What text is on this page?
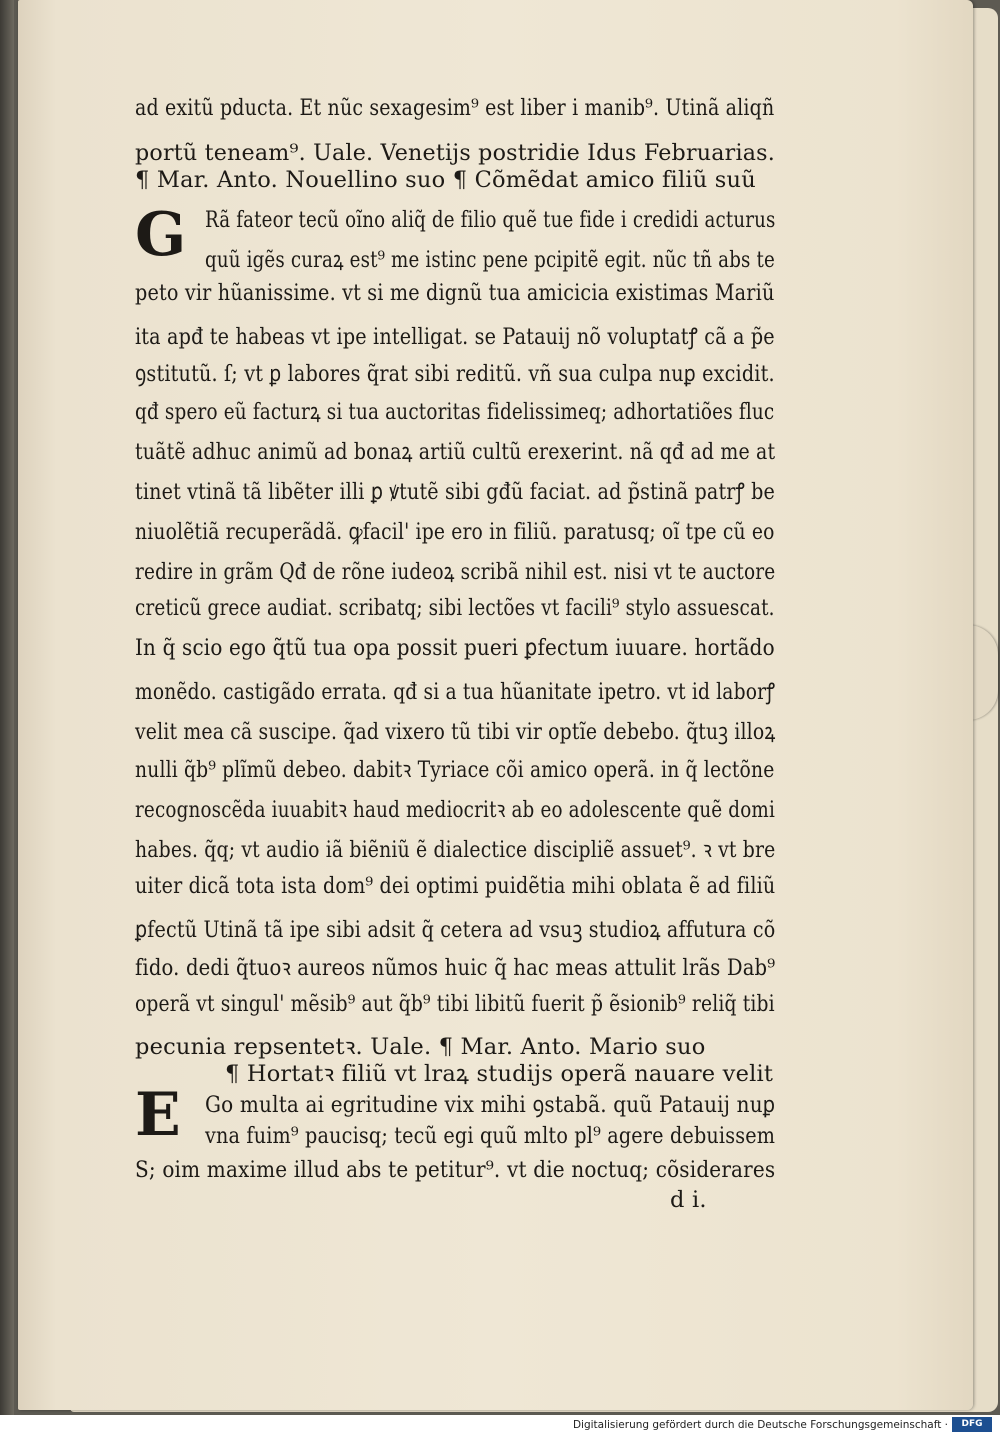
G
E
ad exitũ pducta. Et nũc sexagesim⁹ est liber i manib⁹. Utinã aliqñ
portũ teneam⁹. Uale. Venetijs postridie Idus Februarias.
¶ Mar. Anto. Nouellino suo ¶ Cõmẽdat amico filiũ suũ
Rã fateor tecũ oĩno aliq̃ de filio quẽ tue fide i credidi acturus
quũ igẽs curaꝝ est⁹ me istinc pene pcipitẽ egit. nũc tñ abs te
peto vir hũanissime. vt si me dignũ tua amicicia existimas Mariũ
ita apđ te habeas vt ipe intelligat. se Patauij nõ voluptatꝭ cã a p̃e
ꝯstitutũ. ſ; vt ꝑ labores q̃rat sibi reditũ. vñ sua culpa nuꝑ excidit.
qđ spero eũ facturꝝ si tua auctoritas fidelissimeq; adhortatiões fluc
tuãtẽ adhuc animũ ad bonaꝝ artiũ cultũ erexerint. nã qđ ad me at
tinet vtinã tã libẽter illi ꝑ ꝟtutẽ sibi gđũ faciat. ad p̃stinã patrꝭ be
niuolẽtiã recuperãdã. ꝙfacil' ipe ero in filiũ. paratusq; oĩ tpe cũ eo
redire in grãm Qđ de rõne iudeoꝝ scribã nihil est. nisi vt te auctore
creticũ grece audiat. scribatq; sibi lectões vt facili⁹ stylo assuescat.
In q̃ scio ego q̃tũ tua opa possit pueri ꝑfectum iuuare. hortãdo
monẽdo. castigãdo errata. qđ si a tua hũanitate ipetro. vt id laborꝭ
velit mea cã suscipe. q̃ad vixero tũ tibi vir optĩe debebo. q̃tuꝫ illoꝝ
nulli q̃b⁹ plĩmũ debeo. dabitꝛ Tyriace cõi amico operã. in q̃ lectõne
recognoscẽda iuuabitꝛ haud mediocritꝛ ab eo adolescente quẽ domi
habes. q̃q; vt audio iã biẽniũ ẽ dialectice discipliẽ assuet⁹. ꝛ vt bre
uiter dicã tota ista dom⁹ dei optimi puidẽtia mihi oblata ẽ ad filiũ
ꝑfectũ Utinã tã ipe sibi adsit q̃ cetera ad vsuꝫ studioꝝ affutura cõ
fido. dedi q̃tuoꝛ aureos nũmos huic q̃ hac meas attulit lrãs Dab⁹
operã vt singul' mẽsib⁹ aut q̃b⁹ tibi libitũ fuerit p̃ ẽsionib⁹ reliq̃ tibi
pecunia repsentetꝛ. Uale. ¶ Mar. Anto. Mario suo
¶ Hortatꝛ filiũ vt lraꝝ studijs operã nauare velit
Go multa ai egritudine vix mihi ꝯstabã. quũ Patauij nuꝑ
vna fuim⁹ paucisq; tecũ egi quũ mlto pl⁹ agere debuissem
S; oim maxime illud abs te petitur⁹. vt die noctuq; cõsiderares
d i.
Digitalisierung gefördert durch die Deutsche Forschungsgemeinschaft ·	DFG
